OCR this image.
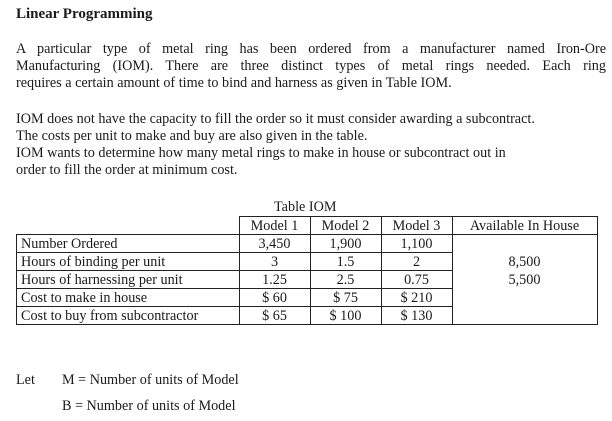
Linear Programming

A particular type of metal ring has been ordered from a manufacturer named Iron-Ore
Manufacturing (IOM). There are three distinct types of metal rings needed. Each ring
requires a certain amount of time to bind and harness as given in Table IOM.

IOM does not have the capacity to fill the order so it must consider awarding a subcontract.
The costs per unit to make and buy are also given in the table.
IOM wants to determine how many metal rings to make in house or subcontract out in
order to fill the order at minimum cost.

Table IOM
	Model 1	Model 2	Model 3	Available In House
Number Ordered	3,450	1,900	1,100	
Hours of binding per unit	3	1.5	2	8,500
Hours of harnessing per unit	1.25	2.5	0.75	5,500
Cost to make in house	$ 60	$ 75	$ 210	
Cost to buy from subcontractor	$ 65	$ 100	$ 130	
Let M = Number of units of Model
B = Number of units of Model
